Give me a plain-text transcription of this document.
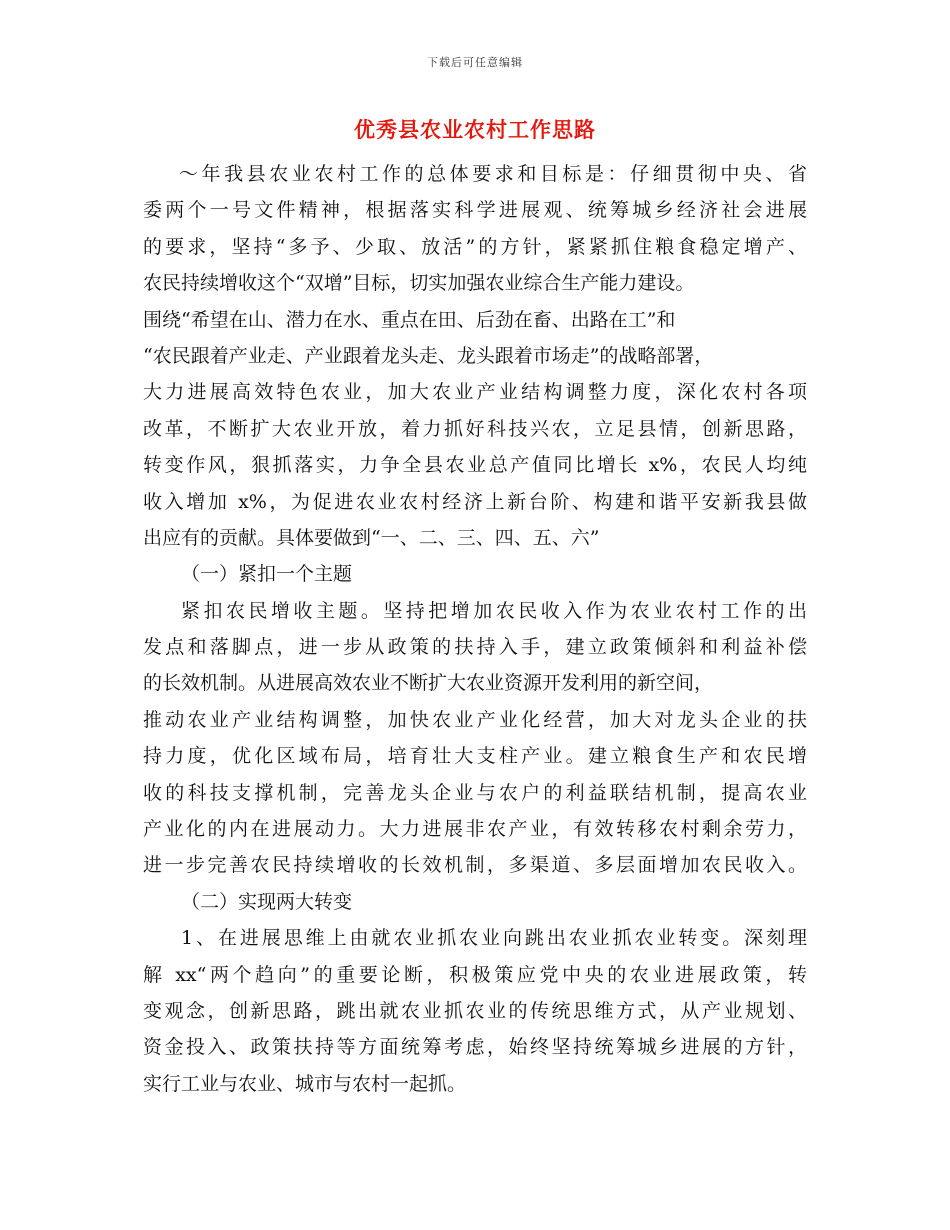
下载后可任意编辑
优秀县农业农村工作思路
～年我县农业农村工作的总体要求和目标是：仔细贯彻中央、省
委两个一号文件精神，根据落实科学进展观、统筹城乡经济社会进展
的要求，坚持“多予、少取、放活”的方针，紧紧抓住粮食稳定增产、
农民持续增收这个“双增”目标，切实加强农业综合生产能力建设。
围绕“希望在山、潜力在水、重点在田、后劲在畜、出路在工”和
“农民跟着产业走、产业跟着龙头走、龙头跟着市场走”的战略部署，
大力进展高效特色农业，加大农业产业结构调整力度，深化农村各项
改革，不断扩大农业开放，着力抓好科技兴农，立足县情，创新思路，
转变作风，狠抓落实，力争全县农业总产值同比增长 x%，农民人均纯
收入增加 x%，为促进农业农村经济上新台阶、构建和谐平安新我县做
出应有的贡献。具体要做到“一、二、三、四、五、六”
（一）紧扣一个主题
紧扣农民增收主题。坚持把增加农民收入作为农业农村工作的出
发点和落脚点，进一步从政策的扶持入手，建立政策倾斜和利益补偿
的长效机制。从进展高效农业不断扩大农业资源开发利用的新空间，
推动农业产业结构调整，加快农业产业化经营，加大对龙头企业的扶
持力度，优化区域布局，培育壮大支柱产业。建立粮食生产和农民增
收的科技支撑机制，完善龙头企业与农户的利益联结机制，提高农业
产业化的内在进展动力。大力进展非农产业，有效转移农村剩余劳力，
进一步完善农民持续增收的长效机制，多渠道、多层面增加农民收入。
（二）实现两大转变
1、在进展思维上由就农业抓农业向跳出农业抓农业转变。深刻理
解 xx“两个趋向”的重要论断，积极策应党中央的农业进展政策，转
变观念，创新思路，跳出就农业抓农业的传统思维方式，从产业规划、
资金投入、政策扶持等方面统筹考虑，始终坚持统筹城乡进展的方针，
实行工业与农业、城市与农村一起抓。
